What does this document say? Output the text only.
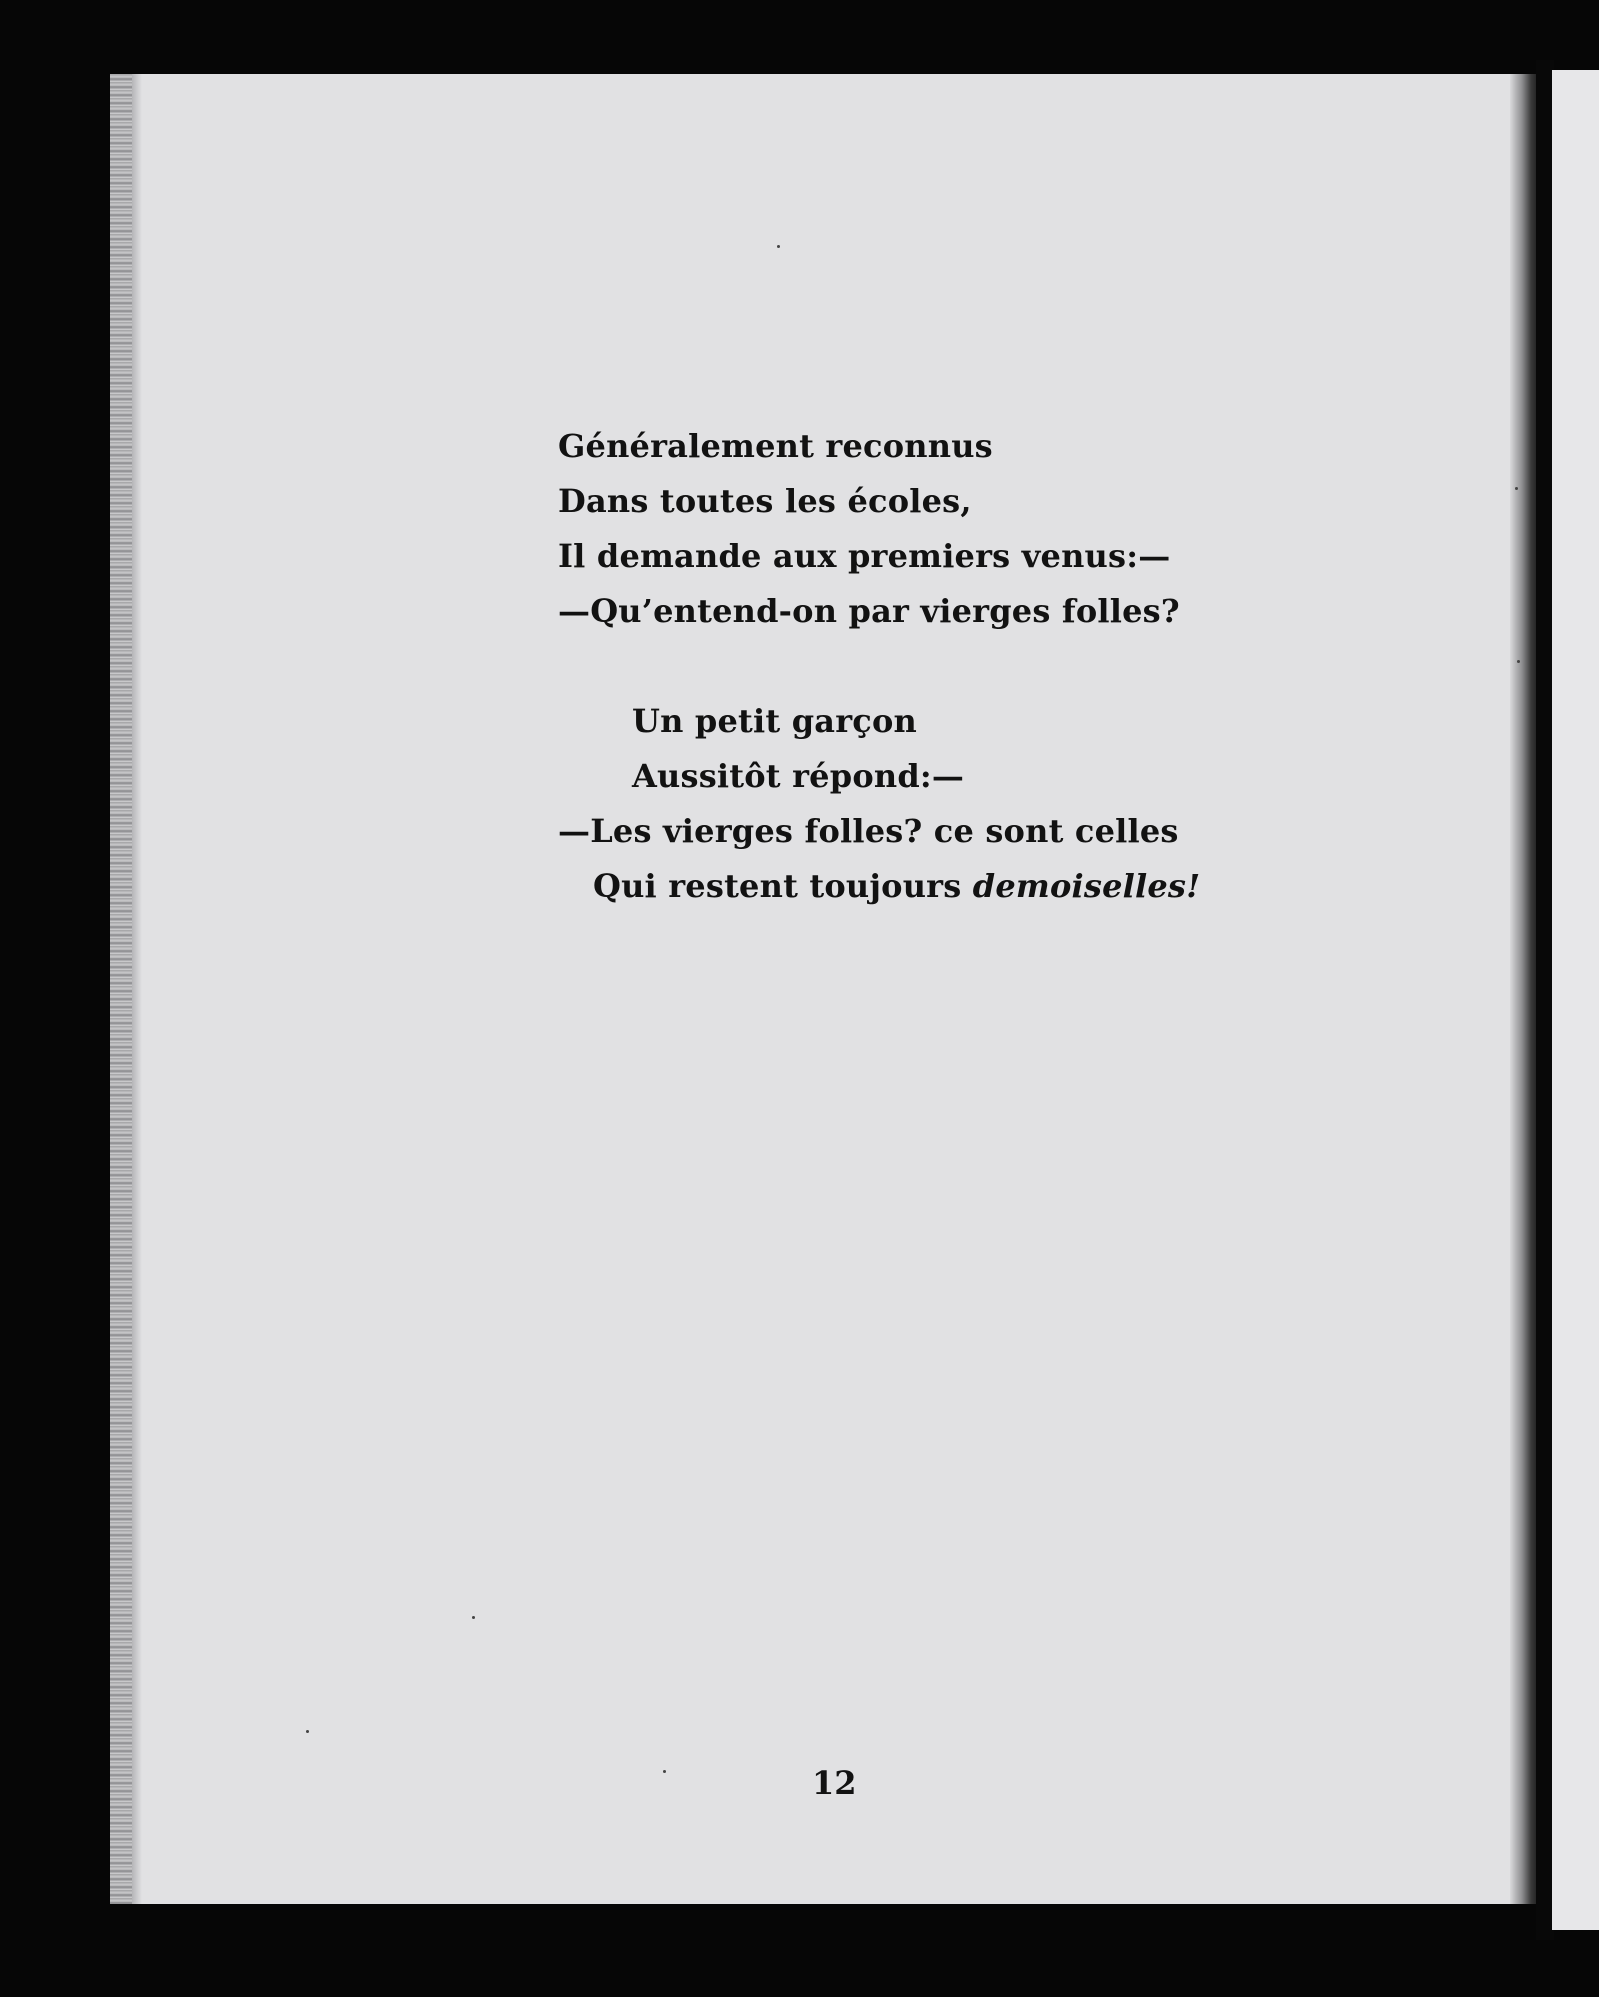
Généralement reconnus
Dans toutes les écoles,
Il demande aux premiers venus:—
—Qu’entend-on par vierges folles?
Un petit garçon
Aussitôt répond:—
—Les vierges folles? ce sont celles
Qui restent toujours demoiselles!
12
